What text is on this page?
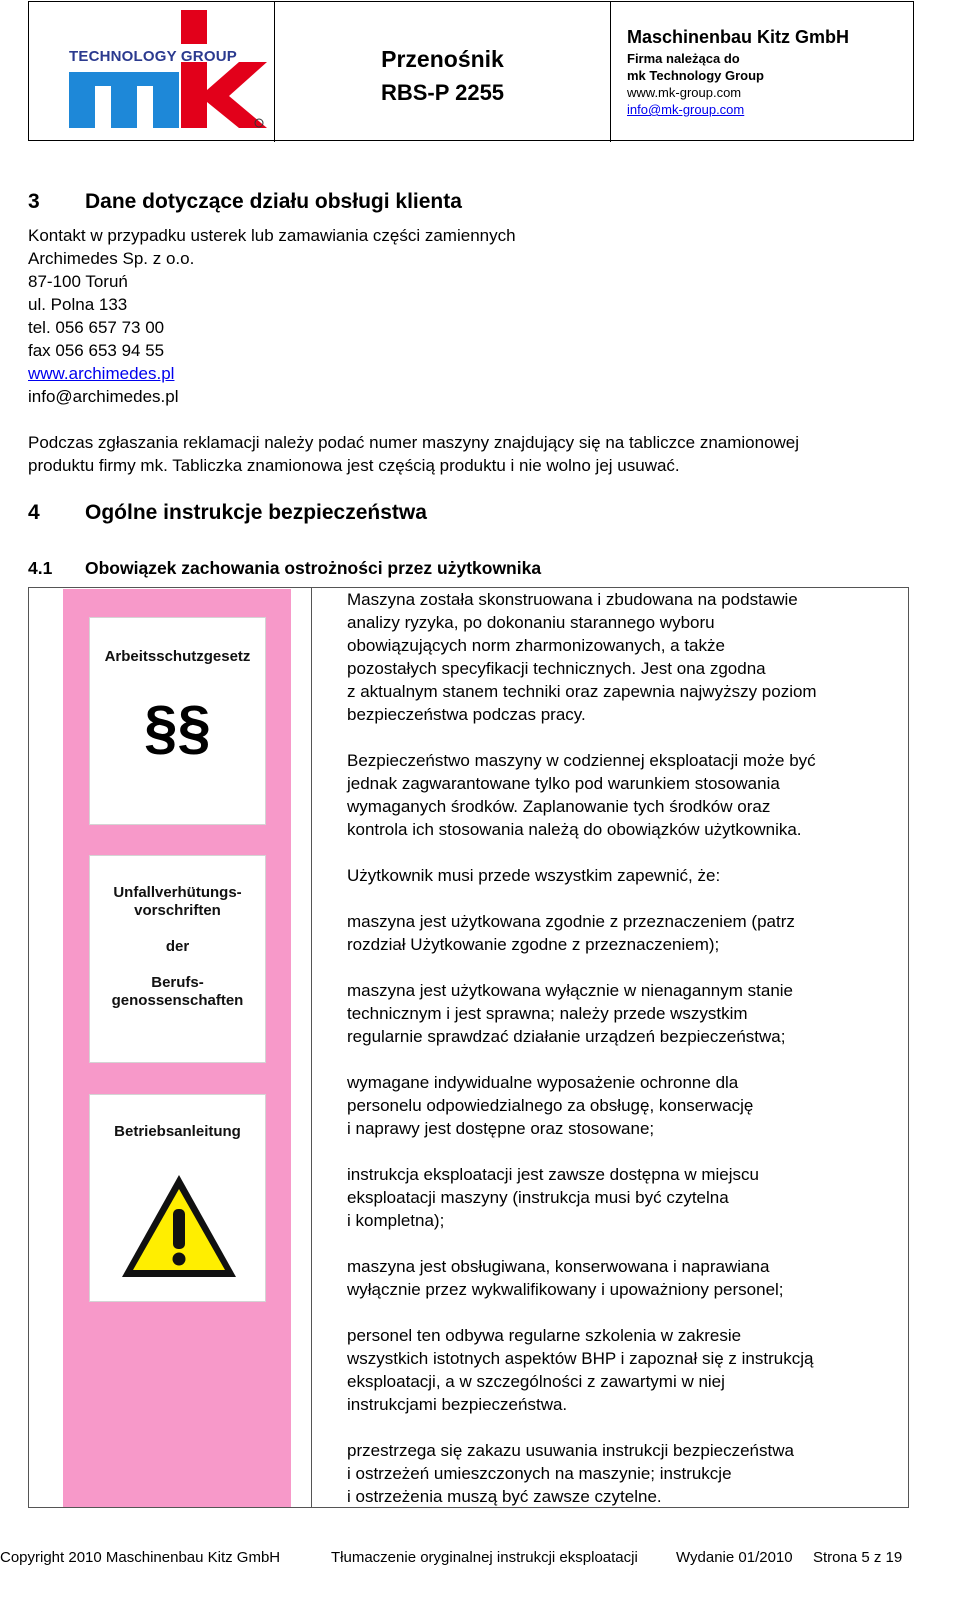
TECHNOLOGY GROUP	Przenośnik
RBS-P 2255
Maschinenbau Kitz GmbH
Firma należąca do
mk Technology Group
www.mk-group.com
info@mk-group.com
3 Dane dotyczące działu obsługi klienta
Kontakt w przypadku usterek lub zamawiania części zamiennych
Archimedes Sp. z o.o.
87-100 Toruń
ul. Polna 133
tel. 056 657 73 00
fax 056 653 94 55
www.archimedes.pl
info@archimedes.pl
Podczas zgłaszania reklamacji należy podać numer maszyny znajdujący się na tabliczce znamionowej
produktu firmy mk. Tabliczka znamionowa jest częścią produktu i nie wolno jej usuwać.
4 Ogólne instrukcje bezpieczeństwa
4.1 Obowiązek zachowania ostrożności przez użytkownika
Arbeitsschutzgesetz
§§
Unfallverhütungs-
vorschriften
der
Berufs-
genossenschaften
Betriebsanleitung

Maszyna została skonstruowana i zbudowana na podstawie
analizy ryzyka, po dokonaniu starannego wyboru
obowiązujących norm zharmonizowanych, a także
pozostałych specyfikacji technicznych. Jest ona zgodna
z aktualnym stanem techniki oraz zapewnia najwyższy poziom
bezpieczeństwa podczas pracy.

Bezpieczeństwo maszyny w codziennej eksploatacji może być
jednak zagwarantowane tylko pod warunkiem stosowania
wymaganych środków. Zaplanowanie tych środków oraz
kontrola ich stosowania należą do obowiązków użytkownika.

Użytkownik musi przede wszystkim zapewnić, że:

maszyna jest użytkowana zgodnie z przeznaczeniem (patrz
rozdział Użytkowanie zgodne z przeznaczeniem);

maszyna jest użytkowana wyłącznie w nienagannym stanie
technicznym i jest sprawna; należy przede wszystkim
regularnie sprawdzać działanie urządzeń bezpieczeństwa;

wymagane indywidualne wyposażenie ochronne dla
personelu odpowiedzialnego za obsługę, konserwację
i naprawy jest dostępne oraz stosowane;

instrukcja eksploatacji jest zawsze dostępna w miejscu
eksploatacji maszyny (instrukcja musi być czytelna
i kompletna);

maszyna jest obsługiwana, konserwowana i naprawiana
wyłącznie przez wykwalifikowany i upoważniony personel;

personel ten odbywa regularne szkolenia w zakresie
wszystkich istotnych aspektów BHP i zapoznał się z instrukcją
eksploatacji, a w szczególności z zawartymi w niej
instrukcjami bezpieczeństwa.

przestrzega się zakazu usuwania instrukcji bezpieczeństwa
i ostrzeżeń umieszczonych na maszynie; instrukcje
i ostrzeżenia muszą być zawsze czytelne.

Copyright 2010 Maschinenbau Kitz GmbH	Tłumaczenie oryginalnej instrukcji eksploatacji	Wydanie 01/2010 Strona 5 z 19
